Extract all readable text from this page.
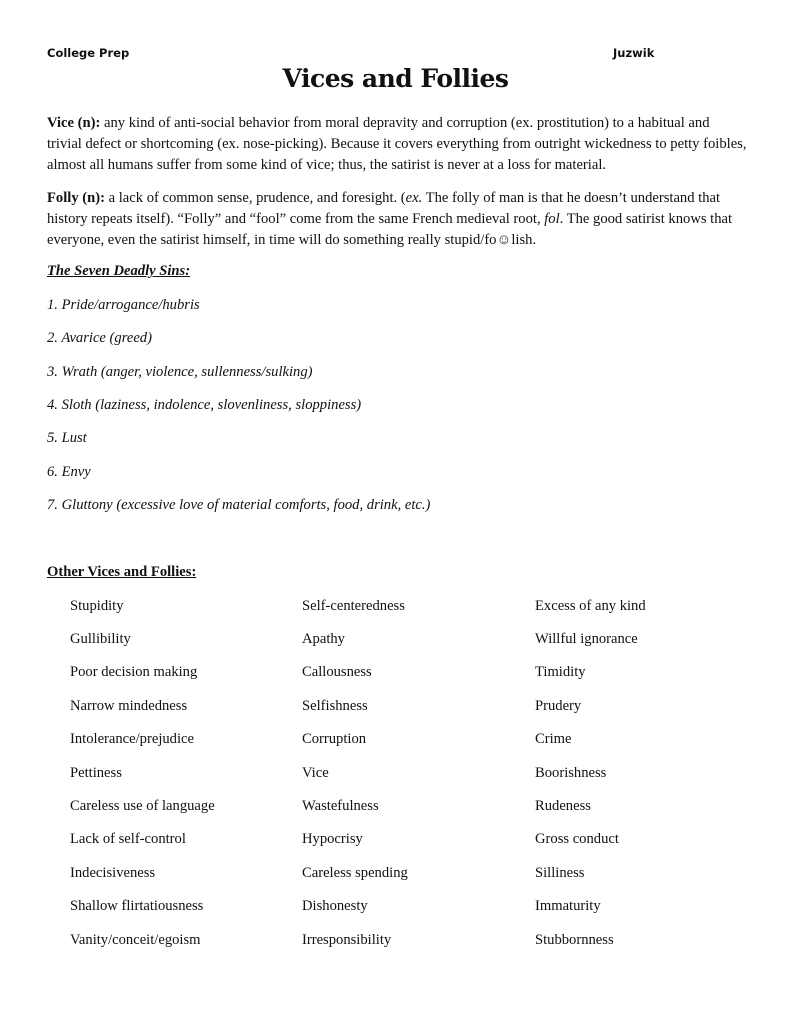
College Prep	Juzwik
Vices and Follies
Vice (n): any kind of anti-social behavior from moral depravity and corruption (ex. prostitution) to a habitual and trivial defect or shortcoming (ex. nose-picking). Because it covers everything from outright wickedness to petty foibles, almost all humans suffer from some kind of vice; thus, the satirist is never at a loss for material.
Folly (n): a lack of common sense, prudence, and foresight. (ex. The folly of man is that he doesn’t understand that history repeats itself). “Folly” and “fool” come from the same French medieval root, fol. The good satirist knows that everyone, even the satirist himself, in time will do something really stupid/fo☺lish.
The Seven Deadly Sins:
1. Pride/arrogance/hubris
2. Avarice (greed)
3. Wrath (anger, violence, sullenness/sulking)
4. Sloth (laziness, indolence, slovenliness, sloppiness)
5. Lust
6. Envy
7. Gluttony (excessive love of material comforts, food, drink, etc.)
Other Vices and Follies:
Stupidity
Gullibility
Poor decision making
Narrow mindedness
Intolerance/prejudice
Pettiness
Careless use of language
Lack of self-control
Indecisiveness
Shallow flirtatiousness
Vanity/conceit/egoism
Self-centeredness
Apathy
Callousness
Selfishness
Corruption
Vice
Wastefulness
Hypocrisy
Careless spending
Dishonesty
Irresponsibility
Excess of any kind
Willful ignorance
Timidity
Prudery
Crime
Boorishness
Rudeness
Gross conduct
Silliness
Immaturity
Stubbornness
